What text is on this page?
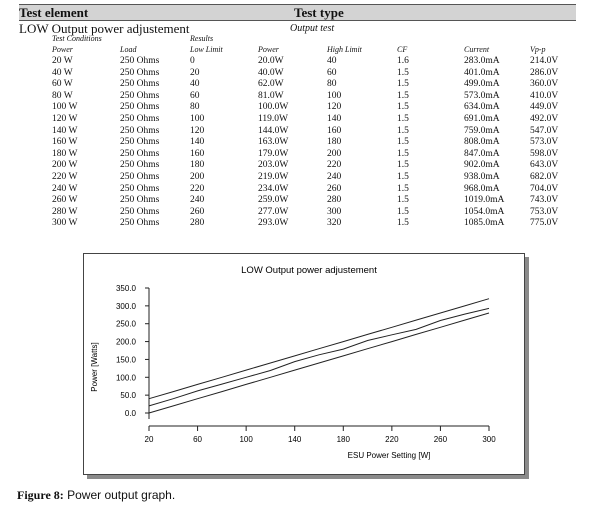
Test element	Test type
LOW Output power adjustement	Output test
Test Conditions	Results
Power	Load	Low Limit	Power	High Limit	CF	Current	Vp-p
20 W	250 Ohms	0	20.0W	40	1.6	283.0mA	214.0V
40 W	250 Ohms	20	40.0W	60	1.5	401.0mA	286.0V
60 W	250 Ohms	40	62.0W	80	1.5	499.0mA	360.0V
80 W	250 Ohms	60	81.0W	100	1.5	573.0mA	410.0V
100 W	250 Ohms	80	100.0W	120	1.5	634.0mA	449.0V
120 W	250 Ohms	100	119.0W	140	1.5	691.0mA	492.0V
140 W	250 Ohms	120	144.0W	160	1.5	759.0mA	547.0V
160 W	250 Ohms	140	163.0W	180	1.5	808.0mA	573.0V
180 W	250 Ohms	160	179.0W	200	1.5	847.0mA	598.0V
200 W	250 Ohms	180	203.0W	220	1.5	902.0mA	643.0V
220 W	250 Ohms	200	219.0W	240	1.5	938.0mA	682.0V
240 W	250 Ohms	220	234.0W	260	1.5	968.0mA	704.0V
260 W	250 Ohms	240	259.0W	280	1.5	1019.0mA	743.0V
280 W	250 Ohms	260	277.0W	300	1.5	1054.0mA	753.0V
300 W	250 Ohms	280	293.0W	320	1.5	1085.0mA	775.0V
LOW Output power adjustement
0.0
50.0
100.0
150.0
200.0
250.0
300.0
350.0
20	60	100	140	180	220	260	300
ESU Power Setting [W]
Power [Watts]
Figure 8: Power output graph.
